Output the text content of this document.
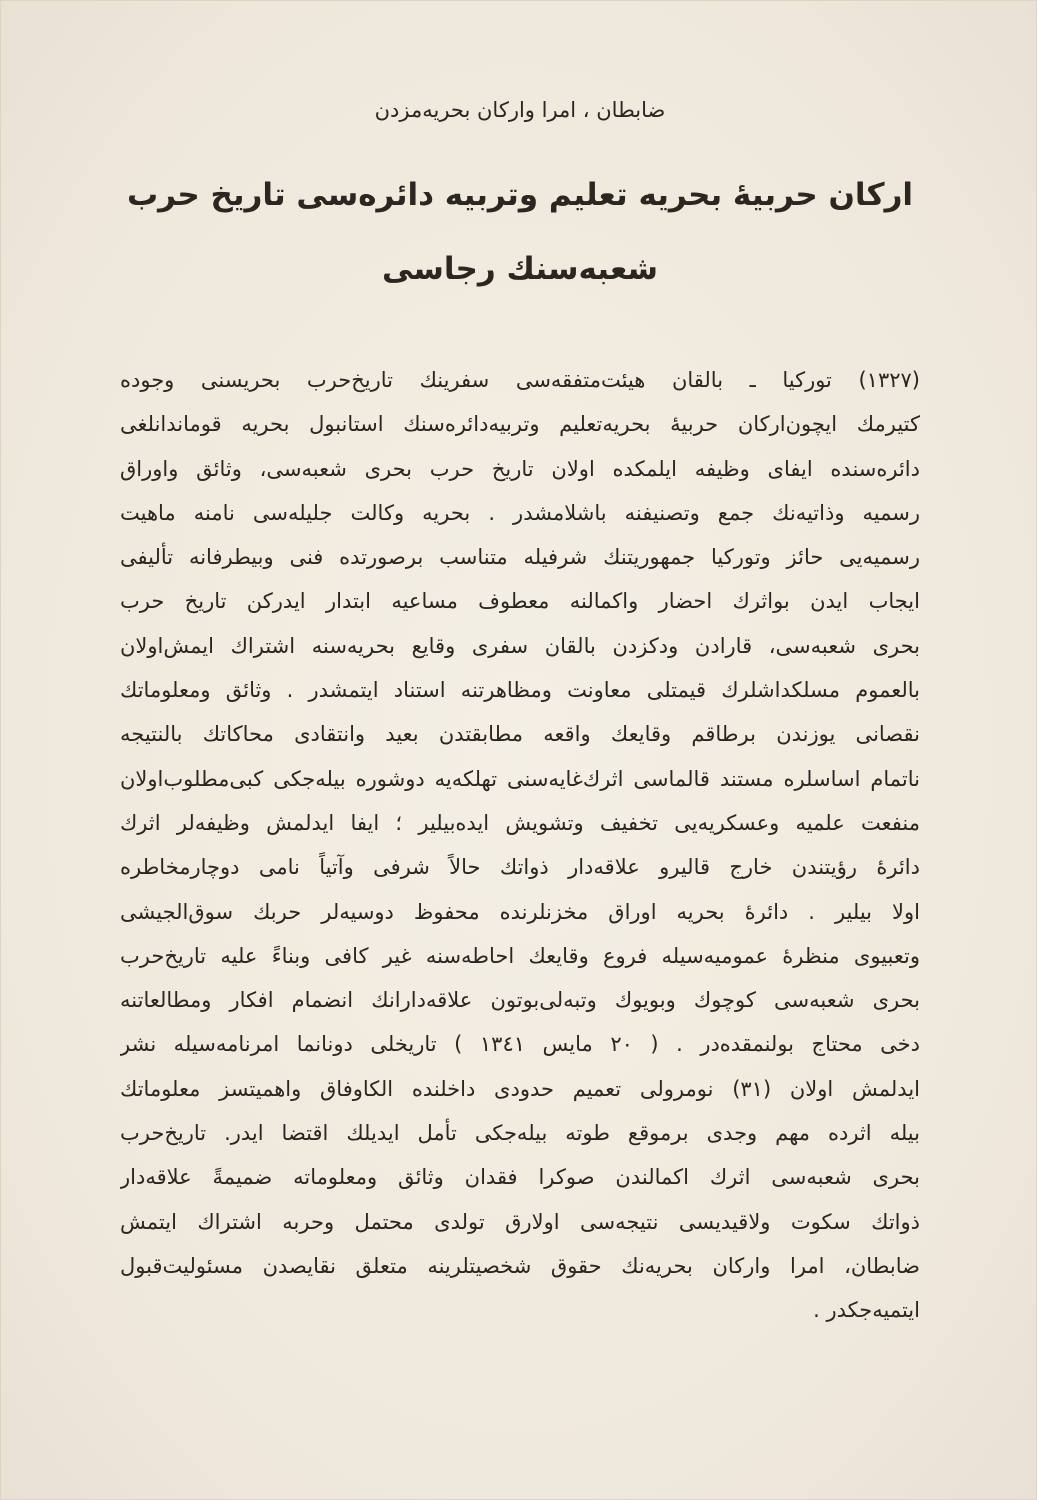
ضابطان ، امرا واركان بحريه‌مزدن
اركان حربيۀ بحريه تعليم وتربيه دائره‌سى تاريخ حرب
شعبه‌سنك رجاسى
(١٣٢٧) توركيا ـ بالقان هيئت‌متفقه‌سى سفرينك تاريخ‌حرب بحريسنى وجوده
كتيرمك ايچون‌اركان حربيۀ بحريه‌تعليم وتربيه‌دائره‌سنك استانبول بحريه قوماندانلغى
دائره‌سنده ايفاى وظيفه ايلمكده اولان تاريخ حرب بحرى شعبه‌سى، وثائق واوراق
رسميه وذاتيه‌نك جمع وتصنيفنه باشلامشدر . بحريه وكالت جليله‌سى نامنه ماهيت
رسميه‌يى حائز وتوركيا جمهوريتنك شرفيله متناسب برصورتده فنى وبيطرفانه تأليفى
ايجاب ايدن بواثرك احضار واكمالنه معطوف مساعيه ابتدار ايدركن تاريخ حرب
بحرى شعبه‌سى، قارادن ودكزدن بالقان سفرى وقايع بحريه‌سنه اشتراك ايمش‌اولان
بالعموم مسلكداشلرك قيمتلى معاونت ومظاهرتنه استناد ايتمشدر . وثائق ومعلوماتك
نقصانى يوزندن برطاقم وقايعك واقعه مطابقتدن بعيد وانتقادى محاكاتك بالنتيجه
ناتمام اساسلره مستند قالماسى اثرك‌غايه‌سنى تهلكه‌يه دوشوره بيله‌جكى كبى‌مطلوب‌اولان
منفعت علميه وعسكريه‌يى تخفيف وتشويش ايده‌بيلير ؛ ايفا ايدلمش وظيفه‌لر اثرك
دائرۀ رؤيتندن خارج قاليرو علاقه‌دار ذواتك حالاً شرفى وآتياً نامى دوچارمخاطره
اولا بيلير . دائرۀ بحريه اوراق مخزنلرنده محفوظ دوسيه‌لر حربك سوق‌الجيشى
وتعبيوى منظرۀ عموميه‌سيله فروع وقايعك احاطه‌سنه غير كافى وبناءً عليه تاريخ‌حرب
بحرى شعبه‌سى كوچوك وبويوك وتبه‌لى‌بوتون علاقه‌دارانك انضمام افكار ومطالعاتنه
دخى محتاج بولنمقده‌در . ( ٢٠ مايس ١٣٤١ ) تاريخلى دونانما امرنامه‌سيله نشر
ايدلمش اولان (٣١) نومرولى تعميم حدودى داخلنده الكاوفاق واهميتسز معلوماتك
بيله اثرده مهم وجدى برموقع طوته بيله‌جكى تأمل ايديلك اقتضا ايدر. تاريخ‌حرب
بحرى شعبه‌سى اثرك اكمالندن صوكرا فقدان وثائق ومعلوماته ضميمةً علاقه‌دار
ذواتك سكوت ولاقيديسى نتيجه‌سى اولارق تولدى محتمل وحربه اشتراك ايتمش
ضابطان، امرا واركان بحريه‌نك حقوق شخصيتلرينه متعلق نقايصدن مسئوليت‌قبول
ايتميه‌جكدر .
